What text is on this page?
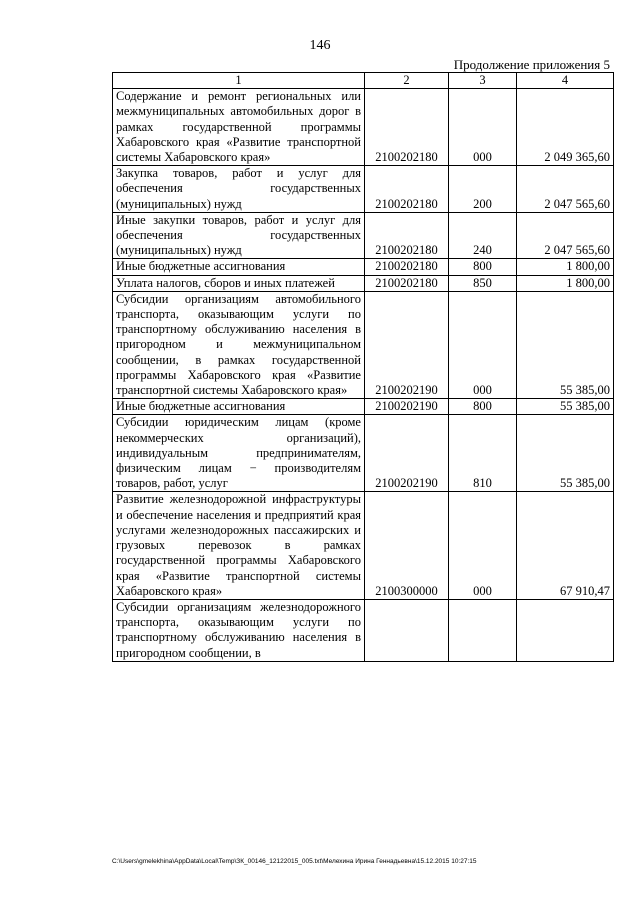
146
Продолжение приложения 5
1	2	3	4
Содержание и ремонт региональных или межмуниципальных автомобильных дорог в рамках государственной программы Хабаровского края «Развитие транспортной системы Хабаровского края»	2100202180	000	2 049 365,60
Закупка товаров, работ и услуг для обеспечения государственных (муниципальных) нужд	2100202180	200	2 047 565,60
Иные закупки товаров, работ и услуг для обеспечения государственных (муниципальных) нужд	2100202180	240	2 047 565,60
Иные бюджетные ассигнования	2100202180	800	1 800,00
Уплата налогов, сборов и иных платежей	2100202180	850	1 800,00
Субсидии организациям автомобильного транспорта, оказывающим услуги по транспортному обслуживанию населения в пригородном и межмуниципальном сообщении, в рамках государственной программы Хабаровского края «Развитие транспортной системы Хабаровского края»	2100202190	000	55 385,00
Иные бюджетные ассигнования	2100202190	800	55 385,00
Субсидии юридическим лицам (кроме некоммерческих организаций), индивидуальным предпринимателям, физическим лицам − производителям товаров, работ, услуг	2100202190	810	55 385,00
Развитие железнодорожной инфраструктуры и обеспечение населения и предприятий края услугами железнодорожных пассажирских и грузовых перевозок в рамках государственной программы Хабаровского края «Развитие транспортной системы Хабаровского края»	2100300000	000	67 910,47
Субсидии организациям железнодорожного транспорта, оказывающим услуги по транспортному обслуживанию населения в пригородном сообщении, в			
C:\Users\gmelekhina\AppData\Local\Temp\ЗК_00146_12122015_005.txt\Мелехина Ирина Геннадьевна\15.12.2015 10:27:15
